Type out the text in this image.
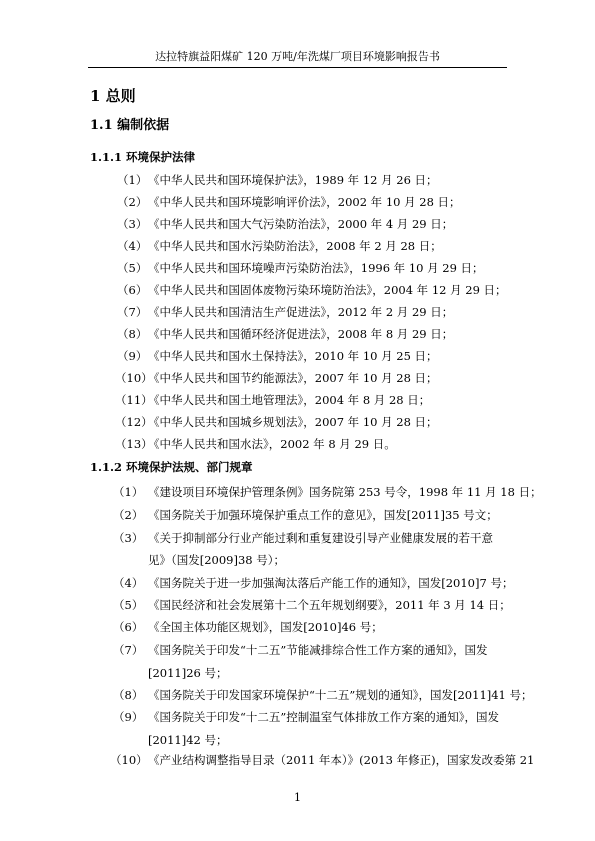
达拉特旗益阳煤矿 120 万吨/年洗煤厂项目环境影响报告书
1 总则
1.1 编制依据
1.1.1 环境保护法律
（1） 《中华人民共和国环境保护法》，1989 年 12 月 26 日；
（2） 《中华人民共和国环境影响评价法》，2002 年 10 月 28 日；
（3） 《中华人民共和国大气污染防治法》，2000 年 4 月 29 日；
（4） 《中华人民共和国水污染防治法》，2008 年 2 月 28 日；
（5） 《中华人民共和国环境噪声污染防治法》，1996 年 10 月 29 日；
（6） 《中华人民共和国固体废物污染环境防治法》，2004 年 12 月 29 日；
（7） 《中华人民共和国清洁生产促进法》，2012 年 2 月 29 日；
（8） 《中华人民共和国循环经济促进法》，2008 年 8 月 29 日；
（9） 《中华人民共和国水土保持法》，2010 年 10 月 25 日；
（10）
《中华人民共和国节约能源法》，2007 年 10 月 28 日；
（11）
《中华人民共和国土地管理法》，2004 年 8 月 28 日；
（12）
《中华人民共和国城乡规划法》，2007 年 10 月 28 日；
（13）
《中华人民共和国水法》，2002 年 8 月 29 日。
1.1.2 环境保护法规、部门规章
（1） 《建设项目环境保护管理条例》国务院第 253 号令，1998 年 11 月 18 日；
（2） 《国务院关于加强环境保护重点工作的意见》，国发[2011]35 号文；
（3） 《关于抑制部分行业产能过剩和重复建设引导产业健康发展的若干意见》（国发[2009]38 号）；
（4） 《国务院关于进一步加强淘汰落后产能工作的通知》，国发[2010]7 号；
（5） 《国民经济和社会发展第十二个五年规划纲要》，2011 年 3 月 14 日；
（6） 《全国主体功能区规划》，国发[2010]46 号；
（7） 《国务院关于印发“十二五”节能减排综合性工作方案的通知》，国发[2011]26 号；
（8） 《国务院关于印发国家环境保护“十二五”规划的通知》，国发[2011]41 号；
（9） 《国务院关于印发“十二五”控制温室气体排放工作方案的通知》，国发[2011]42 号；
（10） 《产业结构调整指导目录（2011 年本）》(2013 年修正)，国家发改委第 21
1
